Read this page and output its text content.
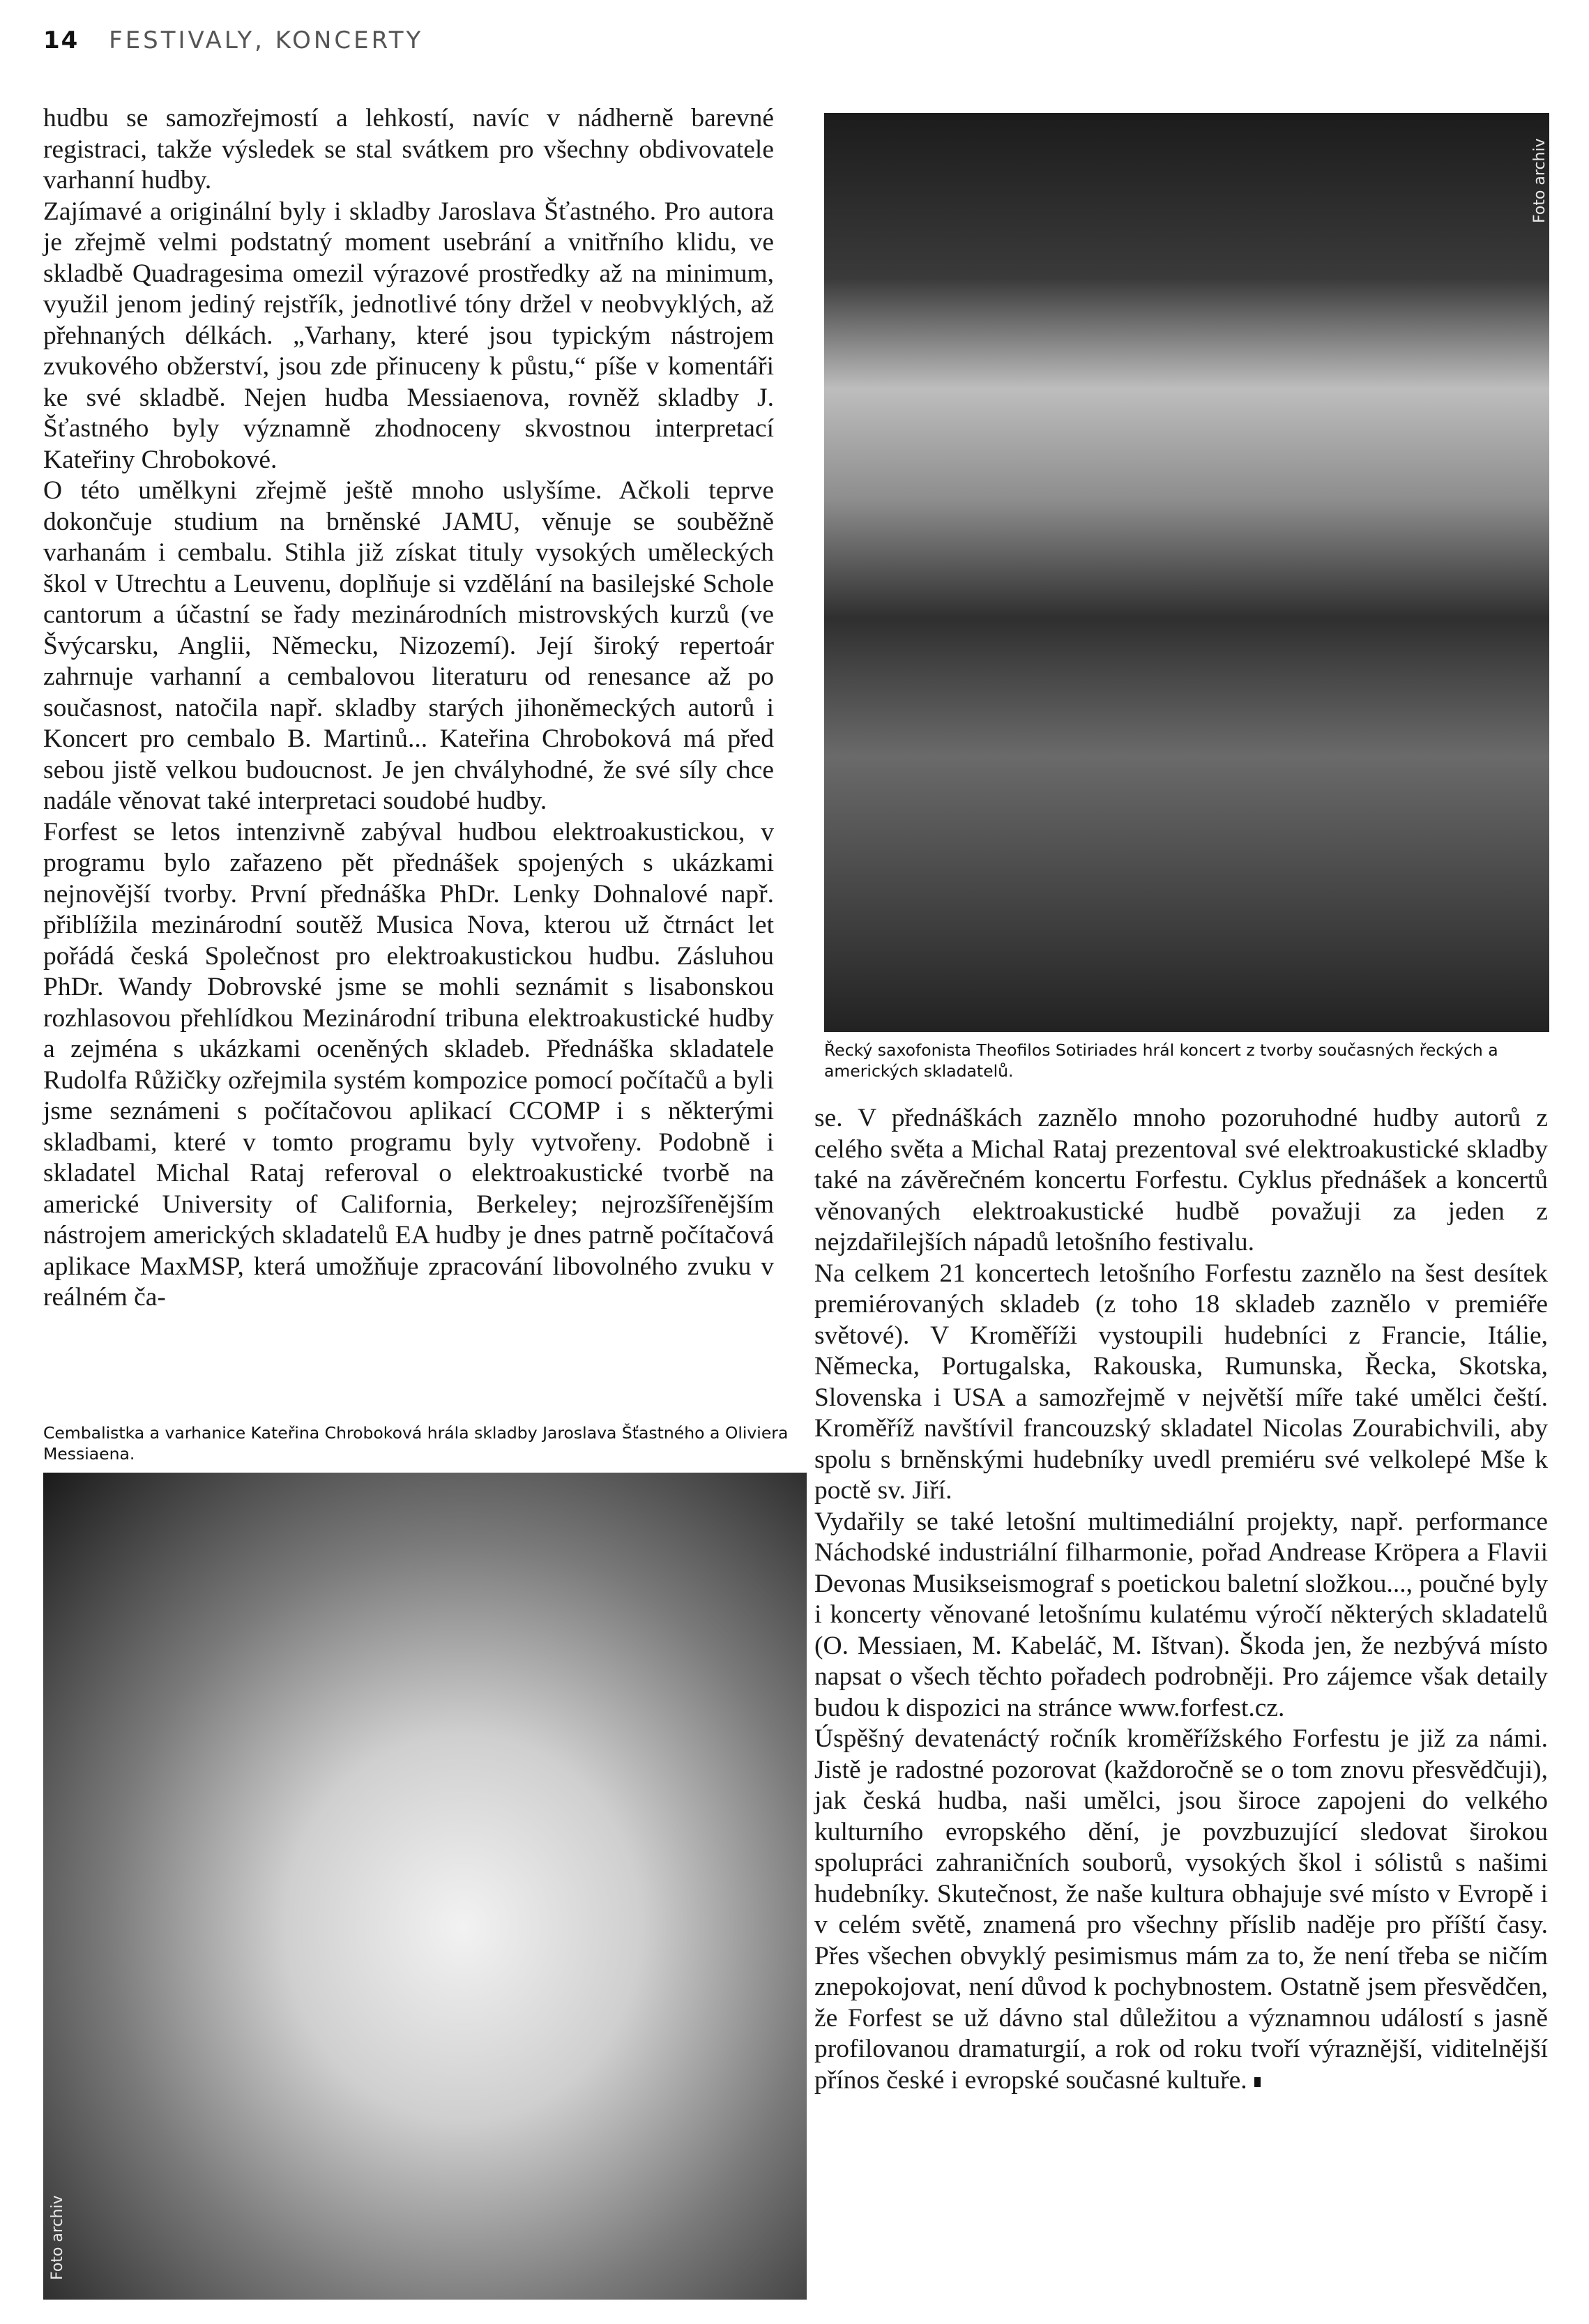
14 FESTIVALY, KONCERTY

hudbu se samozřejmostí a lehkostí, navíc v nádherně barevné registraci, takže výsledek se stal svátkem pro všechny obdivovatele varhanní hudby.

Zajímavé a originální byly i skladby Jaroslava Šťastného. Pro autora je zřejmě velmi podstatný moment usebrání a vnitřního klidu, ve skladbě Quadragesima omezil výrazové prostředky až na minimum, využil jenom jediný rejstřík, jednotlivé tóny držel v neobvyklých, až přehnaných délkách. „Varhany, které jsou typickým nástrojem zvukového obžerství, jsou zde přinuceny k půstu,“ píše v komentáři ke své skladbě. Nejen hudba Messiaenova, rovněž skladby J. Šťastného byly významně zhodnoceny skvostnou interpretací Kateřiny Chrobokové.

O této umělkyni zřejmě ještě mnoho uslyšíme. Ačkoli teprve dokončuje studium na brněnské JAMU, věnuje se souběžně varhanám i cembalu. Stihla již získat tituly vysokých uměleckých škol v Utrechtu a Leuvenu, doplňuje si vzdělání na basilejské Schole cantorum a účastní se řady mezinárodních mistrovských kurzů (ve Švýcarsku, Anglii, Německu, Nizozemí). Její široký repertoár zahrnuje varhanní a cembalovou literaturu od renesance až po současnost, natočila např. skladby starých jihoněmeckých autorů i Koncert pro cembalo B. Martinů... Kateřina Chroboková má před sebou jistě velkou budoucnost. Je jen chvályhodné, že své síly chce nadále věnovat také interpretaci soudobé hudby.

Forfest se letos intenzivně zabýval hudbou elektroakustickou, v programu bylo zařazeno pět přednášek spojených s ukázkami nejnovější tvorby. První přednáška PhDr. Lenky Dohnalové např. přiblížila mezinárodní soutěž Musica Nova, kterou už čtrnáct let pořádá česká Společnost pro elektroakustickou hudbu. Zásluhou PhDr. Wandy Dobrovské jsme se mohli seznámit s lisabonskou rozhlasovou přehlídkou Mezinárodní tribuna elektroakustické hudby a zejména s ukázkami oceněných skladeb. Přednáška skladatele Rudolfa Růžičky ozřejmila systém kompozice pomocí počítačů a byli jsme seznámeni s počítačovou aplikací CCOMP i s některými skladbami, které v tomto programu byly vytvořeny. Podobně i skladatel Michal Rataj referoval o elektroakustické tvorbě na americké University of California, Berkeley; nejrozšířenějším nástrojem amerických skladatelů EA hudby je dnes patrně počítačová aplikace MaxMSP, která umožňuje zpracování libovolného zvuku v reálném ča-

Foto archiv
Řecký saxofonista Theofilos Sotiriades hrál koncert z tvorby současných řeckých a amerických skladatelů.
Cembalistka a varhanice Kateřina Chroboková hrála skladby Jaroslava Šťastného a Oliviera Messiaena.
Foto archiv

se. V přednáškách zaznělo mnoho pozoruhodné hudby autorů z celého světa a Michal Rataj prezentoval své elektroakustické skladby také na závěrečném koncertu Forfestu. Cyklus přednášek a koncertů věnovaných elektroakustické hudbě považuji za jeden z nejzdařilejších nápadů letošního festivalu.

Na celkem 21 koncertech letošního Forfestu zaznělo na šest desítek premiérovaných skladeb (z toho 18 skladeb zaznělo v premiéře světové). V Kroměříži vystoupili hudebníci z Francie, Itálie, Německa, Portugalska, Rakouska, Rumunska, Řecka, Skotska, Slovenska i USA a samozřejmě v největší míře také umělci čeští. Kroměříž navštívil francouzský skladatel Nicolas Zourabichvili, aby spolu s brněnskými hudebníky uvedl premiéru své velkolepé Mše k poctě sv. Jiří.

Vydařily se také letošní multimediální projekty, např. performance Náchodské industriální filharmonie, pořad Andrease Kröpera a Flavii Devonas Musikseismograf s poetickou baletní složkou..., poučné byly i koncerty věnované letošnímu kulatému výročí některých skladatelů (O. Messiaen, M. Kabeláč, M. Ištvan). Škoda jen, že nezbývá místo napsat o všech těchto pořadech podrobněji. Pro zájemce však detaily budou k dispozici na stránce www.forfest.cz.

Úspěšný devatenáctý ročník kroměřížského Forfestu je již za námi. Jistě je radostné pozorovat (každoročně se o tom znovu přesvědčuji), jak česká hudba, naši umělci, jsou široce zapojeni do velkého kulturního evropského dění, je povzbuzující sledovat širokou spolupráci zahraničních souborů, vysokých škol i sólistů s našimi hudebníky. Skutečnost, že naše kultura obhajuje své místo v Evropě i v celém světě, znamená pro všechny příslib naděje pro příští časy. Přes všechen obvyklý pesimismus mám za to, že není třeba se ničím znepokojovat, není důvod k pochybnostem. Ostatně jsem přesvědčen, že Forfest se už dávno stal důležitou a významnou událostí s jasně profilovanou dramaturgií, a rok od roku tvoří výraznější, viditelnější přínos české i evropské současné kultuře.
